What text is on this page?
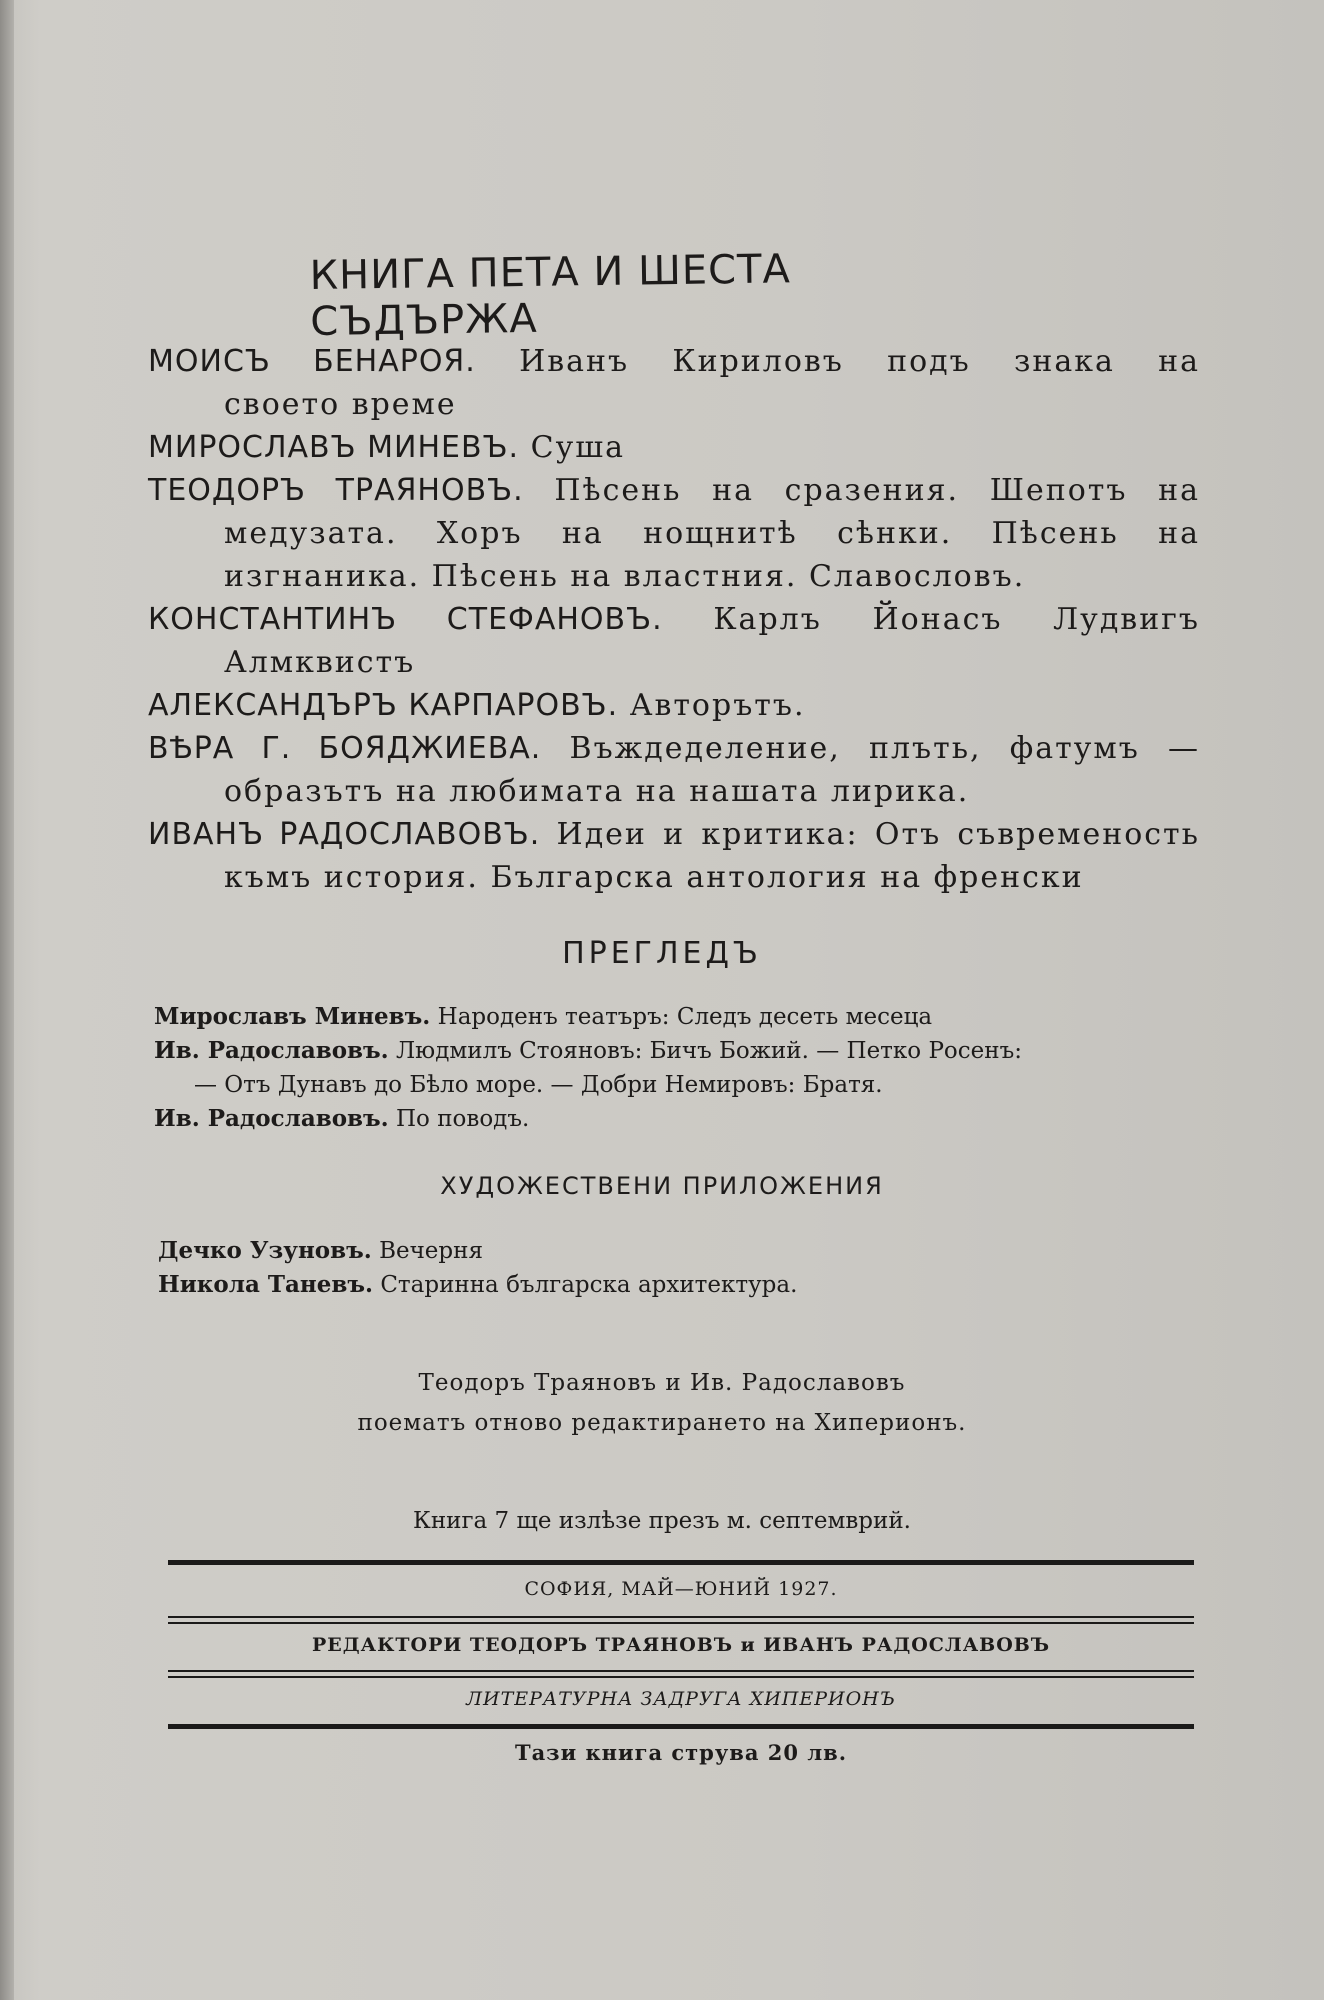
КНИГА ПЕТА И ШЕСТА СЪДЪРЖА
МОИСЪ БЕНАРОЯ. Иванъ Кириловъ подъ знака на
своето време
МИРОСЛАВЪ МИНЕВЪ. Суша
ТЕОДОРЪ ТРАЯНОВЪ. Пѣсень на сразения. Шепотъ на
медузата. Хоръ на нощнитѣ сѣнки. Пѣсень на
изгнаника. Пѣсень на властния. Славословъ.
КОНСТАНТИНЪ СТЕФАНОВЪ. Карлъ Йонасъ Лудвигъ
Алмквистъ
АЛЕКСАНДЪРЪ КАРПАРОВЪ. Авторътъ.
ВѢРА Г. БОЯДЖИЕВА. Въждеделение, плъть, фатумъ —
образътъ на любимата на нашата лирика.
ИВАНЪ РАДОСЛАВОВЪ. Идеи и критика: Отъ съвременость
къмъ история. Българска антология на френски
ПРЕГЛЕДЪ
Мирославъ Миневъ. Народенъ театъръ: Следъ десеть месеца
Ив. Радославовъ. Людмилъ Стояновъ: Бичъ Божий. — Петко Росенъ:
— Отъ Дунавъ до Бѣло море. — Добри Немировъ: Братя.
Ив. Радославовъ. По поводъ.
ХУДОЖЕСТВЕНИ ПРИЛОЖЕНИЯ
Дечко Узуновъ. Вечерня
Никола Таневъ. Старинна българска архитектура.
Теодоръ Траяновъ и Ив. Радославовъ
поематъ отново редактирането на Хиперионъ.
Книга 7 ще излѣзе презъ м. септемврий.
СОФИЯ, МАЙ—ЮНИЙ 1927.
РЕДАКТОРИ ТЕОДОРЪ ТРАЯНОВЪ и ИВАНЪ РАДОСЛАВОВЪ
ЛИТЕРАТУРНА ЗАДРУГА ХИПЕРИОНЪ
Тази книга струва 20 лв.
